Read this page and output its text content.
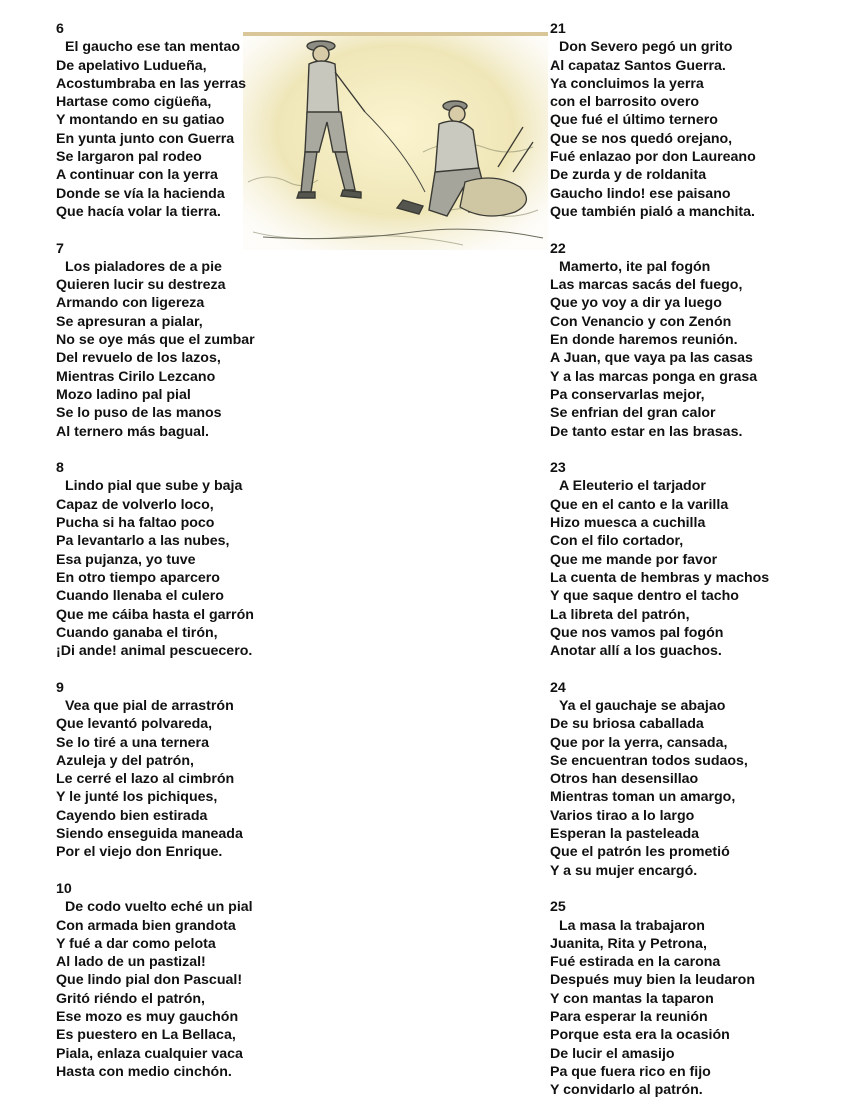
6
El gaucho ese tan mentao
De apelativo Ludueña,
Acostumbraba en las yerras
Hartase como cigüeña,
Y montando en su gatiao
En yunta junto con Guerra
Se largaron pal rodeo
A continuar con la yerra
Donde se vía la hacienda
Que hacía volar la tierra.
7
Los pialadores de a pie
Quieren lucir su destreza
Armando con ligereza
Se apresuran a pialar,
No se oye más que el zumbar
Del revuelo de los lazos,
Mientras Cirilo Lezcano
Mozo ladino pal pial
Se lo puso de las manos
Al ternero más bagual.
8
Lindo pial que sube y baja
Capaz de volverlo loco,
Pucha si ha faltao poco
Pa levantarlo a las nubes,
Esa pujanza, yo tuve
En otro tiempo aparcero
Cuando llenaba el culero
Que me cáiba hasta el garrón
Cuando ganaba el tirón,
¡Di ande! animal pescuecero.
9
Vea que pial de arrastrón
Que levantó polvareda,
Se lo tiré a una ternera
Azuleja y del patrón,
Le cerré el lazo al cimbrón
Y le junté los pichiques,
Cayendo bien estirada
Siendo enseguida maneada
Por el viejo don Enrique.
10
De codo vuelto eché un pial
Con armada bien grandota
Y fué a dar como pelota
Al lado de un pastizal!
Que lindo pial don Pascual!
Gritó riéndo el patrón,
Ese mozo es muy gauchón
Es puestero en La Bellaca,
Piala, enlaza cualquier vaca
Hasta con medio cinchón.
21
Don Severo pegó un grito
Al capataz Santos Guerra.
Ya concluimos la yerra
con el barrosito overo
Que fué el último ternero
Que se nos quedó orejano,
Fué enlazao por don Laureano
De zurda y de roldanita
Gaucho lindo! ese paisano
Que también pialó a manchita.
22
Mamerto, ite pal fogón
Las marcas sacás del fuego,
Que yo voy a dir ya luego
Con Venancio y con Zenón
En donde haremos reunión.
A Juan, que vaya pa las casas
Y a las marcas ponga en grasa
Pa conservarlas mejor,
Se enfrian del gran calor
De tanto estar en las brasas.
23
A Eleuterio el tarjador
Que en el canto e la varilla
Hizo muesca a cuchilla
Con el filo cortador,
Que me mande por favor
La cuenta de hembras y machos
Y que saque dentro el tacho
La libreta del patrón,
Que nos vamos pal fogón
Anotar allí a los guachos.
24
Ya el gauchaje se abajao
De su briosa caballada
Que por la yerra, cansada,
Se encuentran todos sudaos,
Otros han desensillao
Mientras toman un amargo,
Varios tirao a lo largo
Esperan la pasteleada
Que el patrón les prometió
Y a su mujer encargó.
25
La masa la trabajaron
Juanita, Rita y Petrona,
Fué estirada en la carona
Después muy bien la leudaron
Y con mantas la taparon
Para esperar la reunión
Porque esta era la ocasión
De lucir el amasijo
Pa que fuera rico en fijo
Y convidarlo al patrón.
